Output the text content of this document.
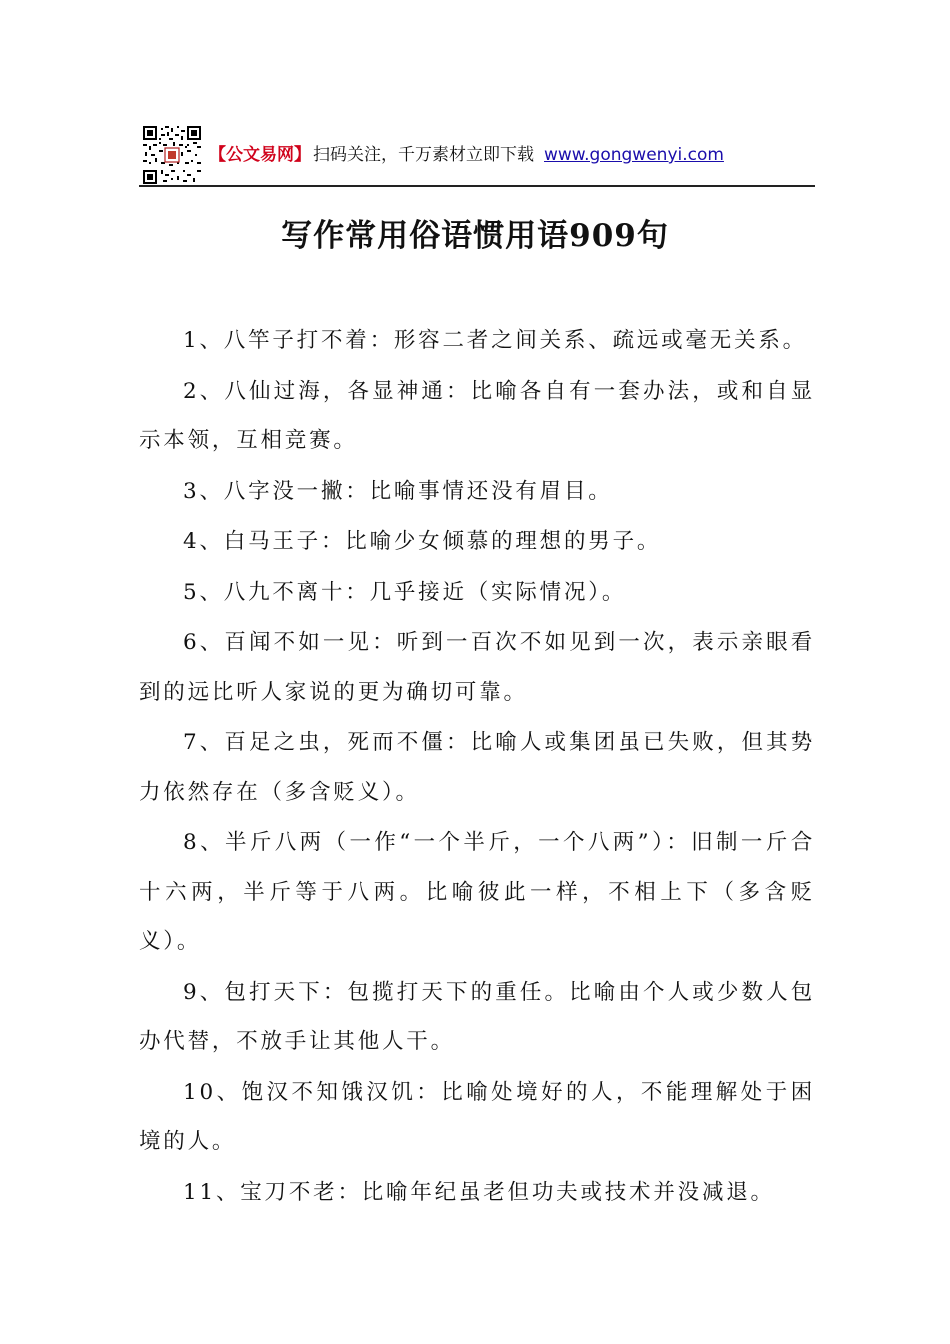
【公文易网】 扫码关注，千万素材立即下载 www.gongwenyi.com
写作常用俗语惯用语909句

1、八竿子打不着：形容二者之间关系、疏远或毫无关系。

2、八仙过海，各显神通：比喻各自有一套办法，或和自显示本领，互相竞赛。

3、八字没一撇：比喻事情还没有眉目。

4、白马王子：比喻少女倾慕的理想的男子。

5、八九不离十：几乎接近（实际情况）。

6、百闻不如一见：听到一百次不如见到一次，表示亲眼看到的远比听人家说的更为确切可靠。

7、百足之虫，死而不僵：比喻人或集团虽已失败，但其势力依然存在（多含贬义）。

8、半斤八两（一作“一个半斤，一个八两”）：旧制一斤合十六两，半斤等于八两。比喻彼此一样，不相上下（多含贬义）。

9、包打天下：包揽打天下的重任。比喻由个人或少数人包办代替，不放手让其他人干。

10、饱汉不知饿汉饥：比喻处境好的人，不能理解处于困境的人。

11、宝刀不老：比喻年纪虽老但功夫或技术并没减退。
